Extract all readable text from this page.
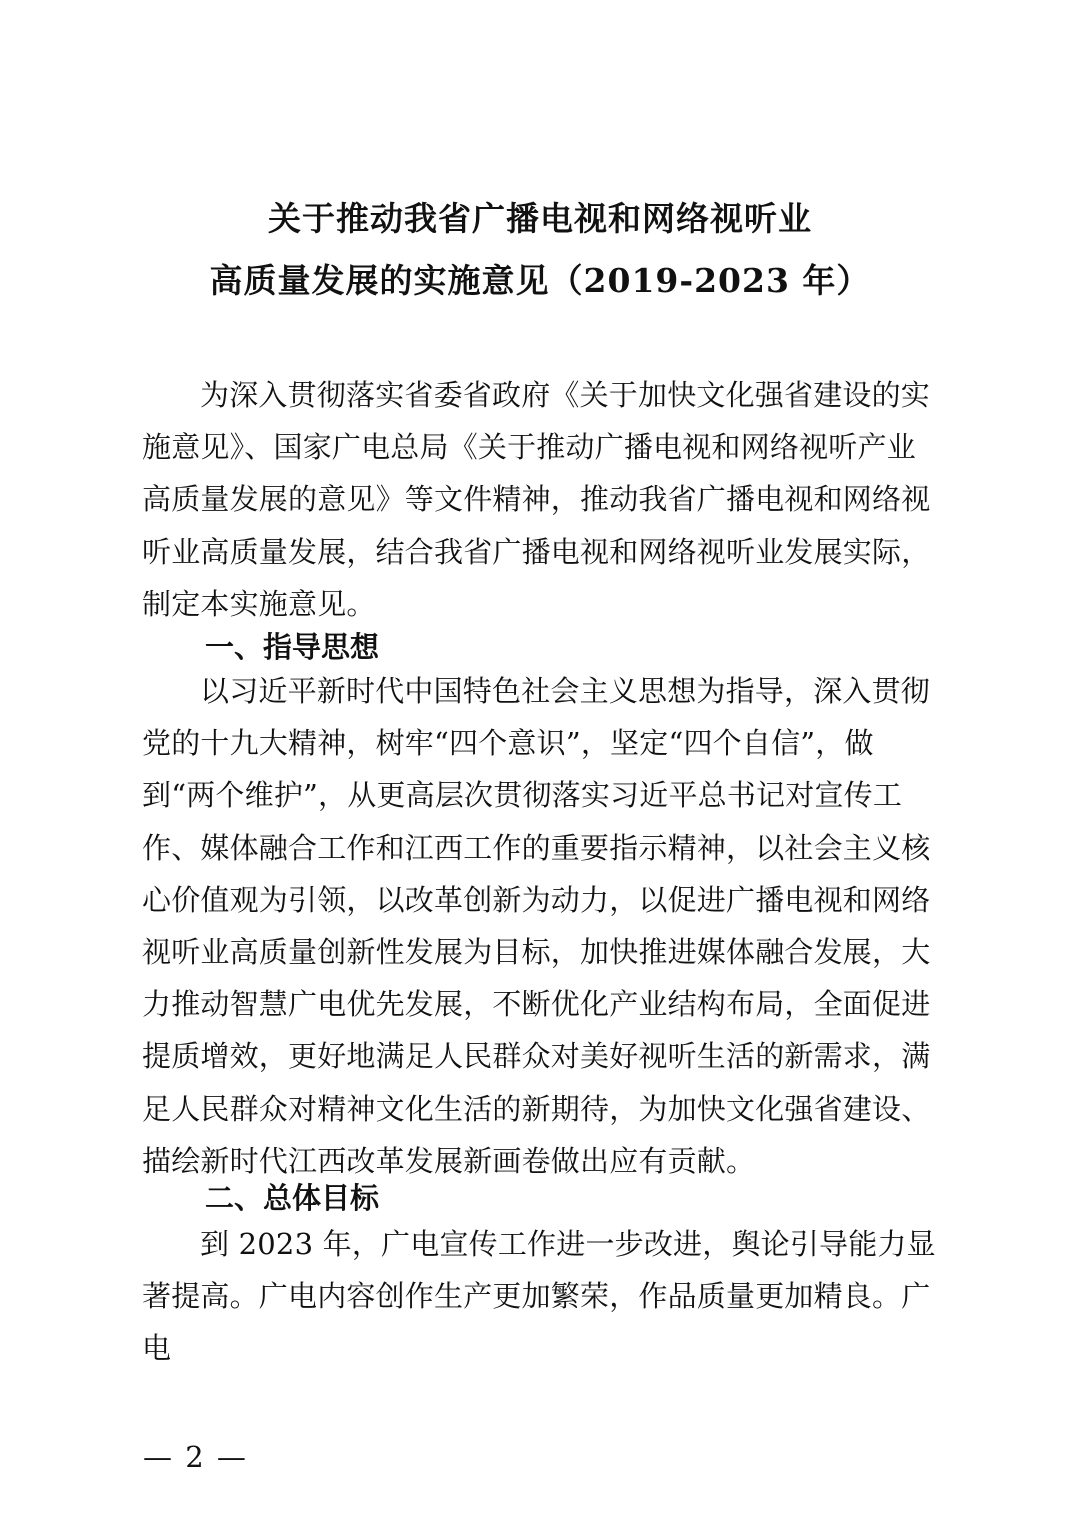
关于推动我省广播电视和网络视听业
高质量发展的实施意见（2019-2023 年）

为深入贯彻落实省委省政府《关于加快文化强省建设的实施意见》、国家广电总局《关于推动广播电视和网络视听产业高质量发展的意见》等文件精神，推动我省广播电视和网络视听业高质量发展，结合我省广播电视和网络视听业发展实际，制定本实施意见。

一、指导思想

以习近平新时代中国特色社会主义思想为指导，深入贯彻党的十九大精神，树牢“四个意识”，坚定“四个自信”，做到“两个维护”，从更高层次贯彻落实习近平总书记对宣传工作、媒体融合工作和江西工作的重要指示精神，以社会主义核心价值观为引领，以改革创新为动力，以促进广播电视和网络视听业高质量创新性发展为目标，加快推进媒体融合发展，大力推动智慧广电优先发展，不断优化产业结构布局，全面促进提质增效，更好地满足人民群众对美好视听生活的新需求，满足人民群众对精神文化生活的新期待，为加快文化强省建设、描绘新时代江西改革发展新画卷做出应有贡献。

二、总体目标

到 2023 年，广电宣传工作进一步改进，舆论引导能力显著提高。广电内容创作生产更加繁荣，作品质量更加精良。广电

— 2 —
